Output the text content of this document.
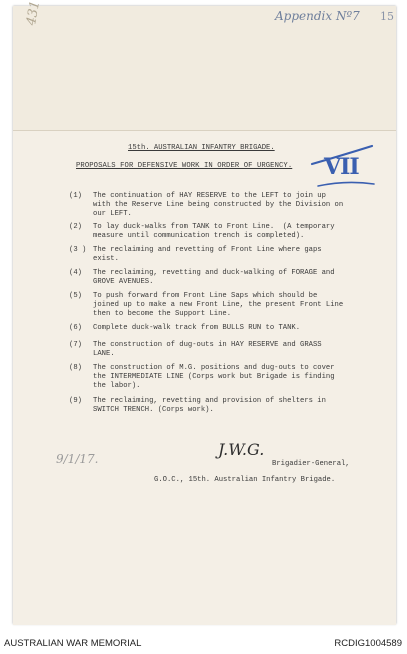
Appendix Nº7 15
431
15th. AUSTRALIAN INFANTRY BRIGADE.
PROPOSALS FOR DEFENSIVE WORK IN ORDER OF URGENCY. VII
(1) The continuation of HAY RESERVE to the LEFT to join up
with the Reserve Line being constructed by the Division on
our LEFT.
(2) To lay duck-walks from TANK to Front Line.  (A temporary
measure until communication trench is completed).
(3 ) The reclaiming and revetting of Front Line where gaps
exist.
(4) The reclaiming, revetting and duck-walking of FORAGE and
GROVE AVENUES.
(5) To push forward from Front Line Saps which should be
joined up to make a new Front Line, the present Front Line
then to become the Support Line.
(6) Complete duck-walk track from BULLS RUN to TANK.
(7) The construction of dug-outs in HAY RESERVE and GRASS
LANE.
(8) The construction of M.G. positions and dug-outs to cover
the INTERMEDIATE LINE (Corps work but Brigade is finding
the labor).
(9) The reclaiming, revetting and provision of shelters in
SWITCH TRENCH. (Corps work).
9/1/17.	J.W.G.
Brigadier-General,
G.O.C., 15th. Australian Infantry Brigade.
AUSTRALIAN WAR MEMORIAL	RCDIG1004589
